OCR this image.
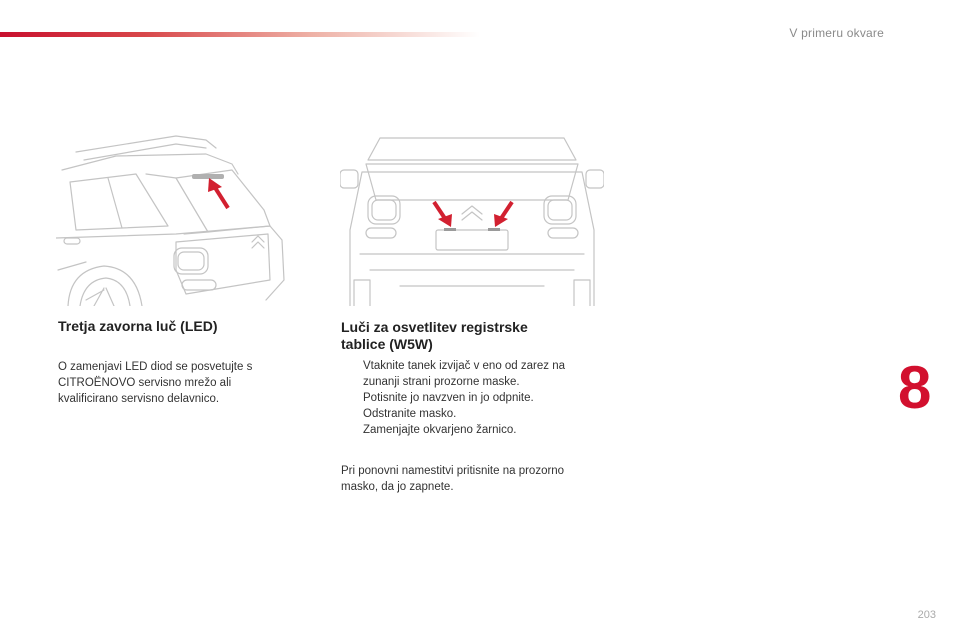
V primeru okvare
Tretja zavorna luč (LED)

O zamenjavi LED diod se posvetujte s CITROËNOVO servisno mrežo ali kvalificirano servisno delavnico.

Luči za osvetlitev registrske
tablice (W5W)
Vtaknite tanek izvijač v eno od zarez na zunanji strani prozorne maske.
Potisnite jo navzven in jo odpnite.
Odstranite masko.
Zamenjajte okvarjeno žarnico.

Pri ponovni namestitvi pritisnite na prozorno masko, da jo zapnete.

8
203
